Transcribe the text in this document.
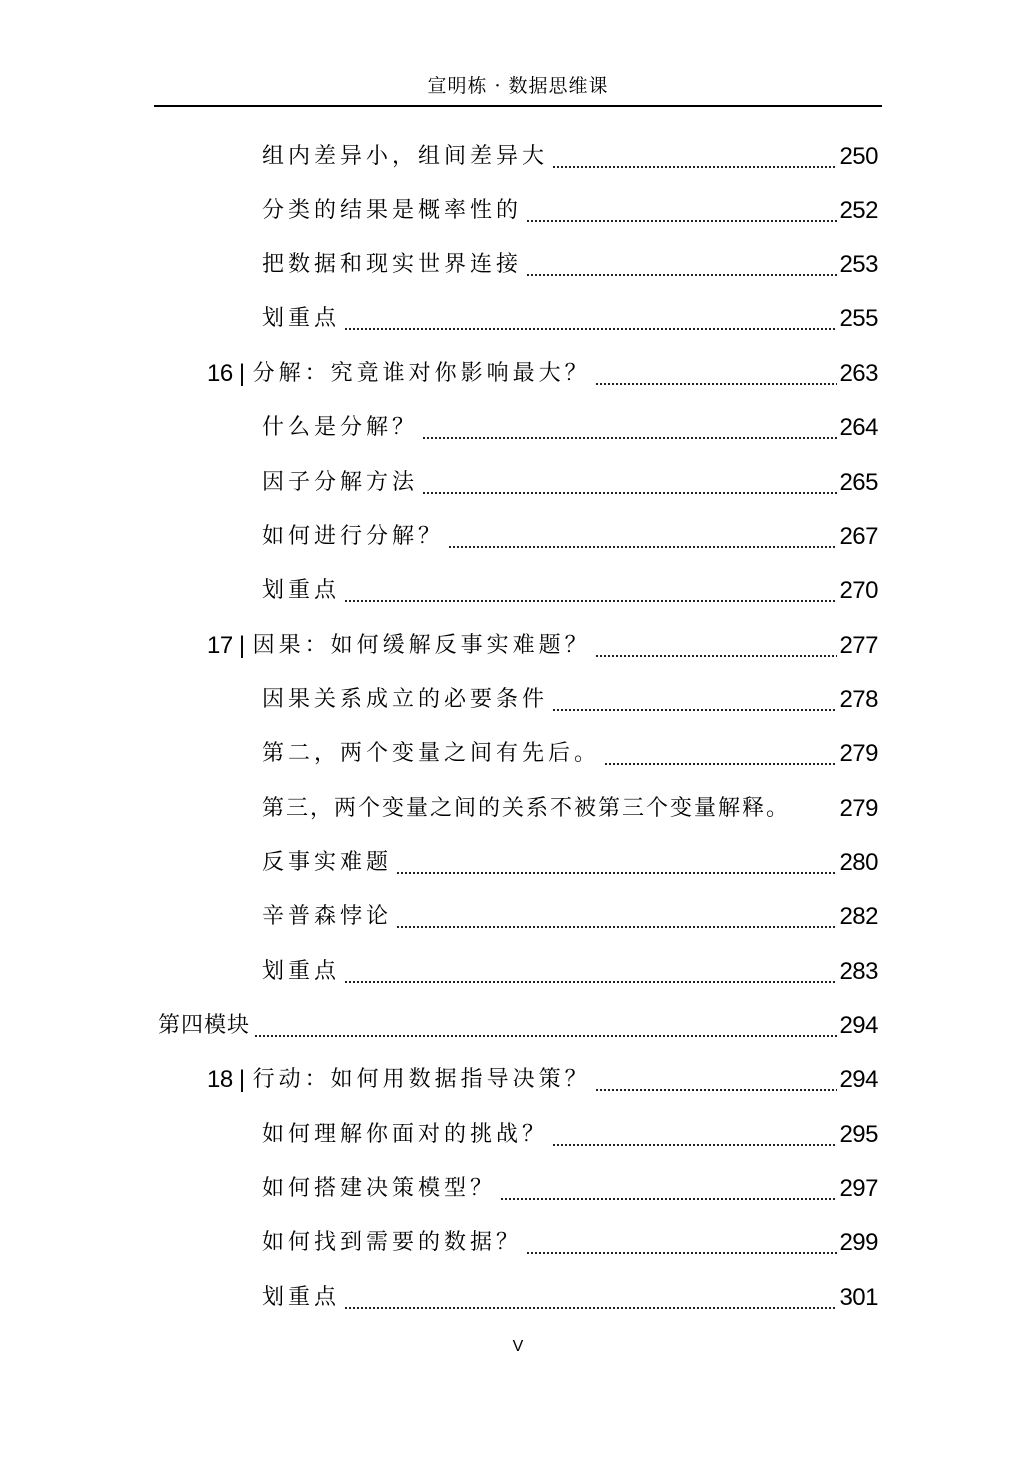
宣明栋 · 数据思维课
组内差异小，组间差异大	250
分类的结果是概率性的	252
把数据和现实世界连接	253
划重点	255
16 | 分解：究竟谁对你影响最大？	263
什么是分解？	264
因子分解方法	265
如何进行分解？	267
划重点	270
17 | 因果：如何缓解反事实难题？	277
因果关系成立的必要条件	278
第二，两个变量之间有先后。	279
第三，两个变量之间的关系不被第三个变量解释。 279
反事实难题	280
辛普森悖论	282
划重点	283
第四模块	294
18 | 行动：如何用数据指导决策？	294
如何理解你面对的挑战？	295
如何搭建决策模型？	297
如何找到需要的数据？	299
划重点	301
V
